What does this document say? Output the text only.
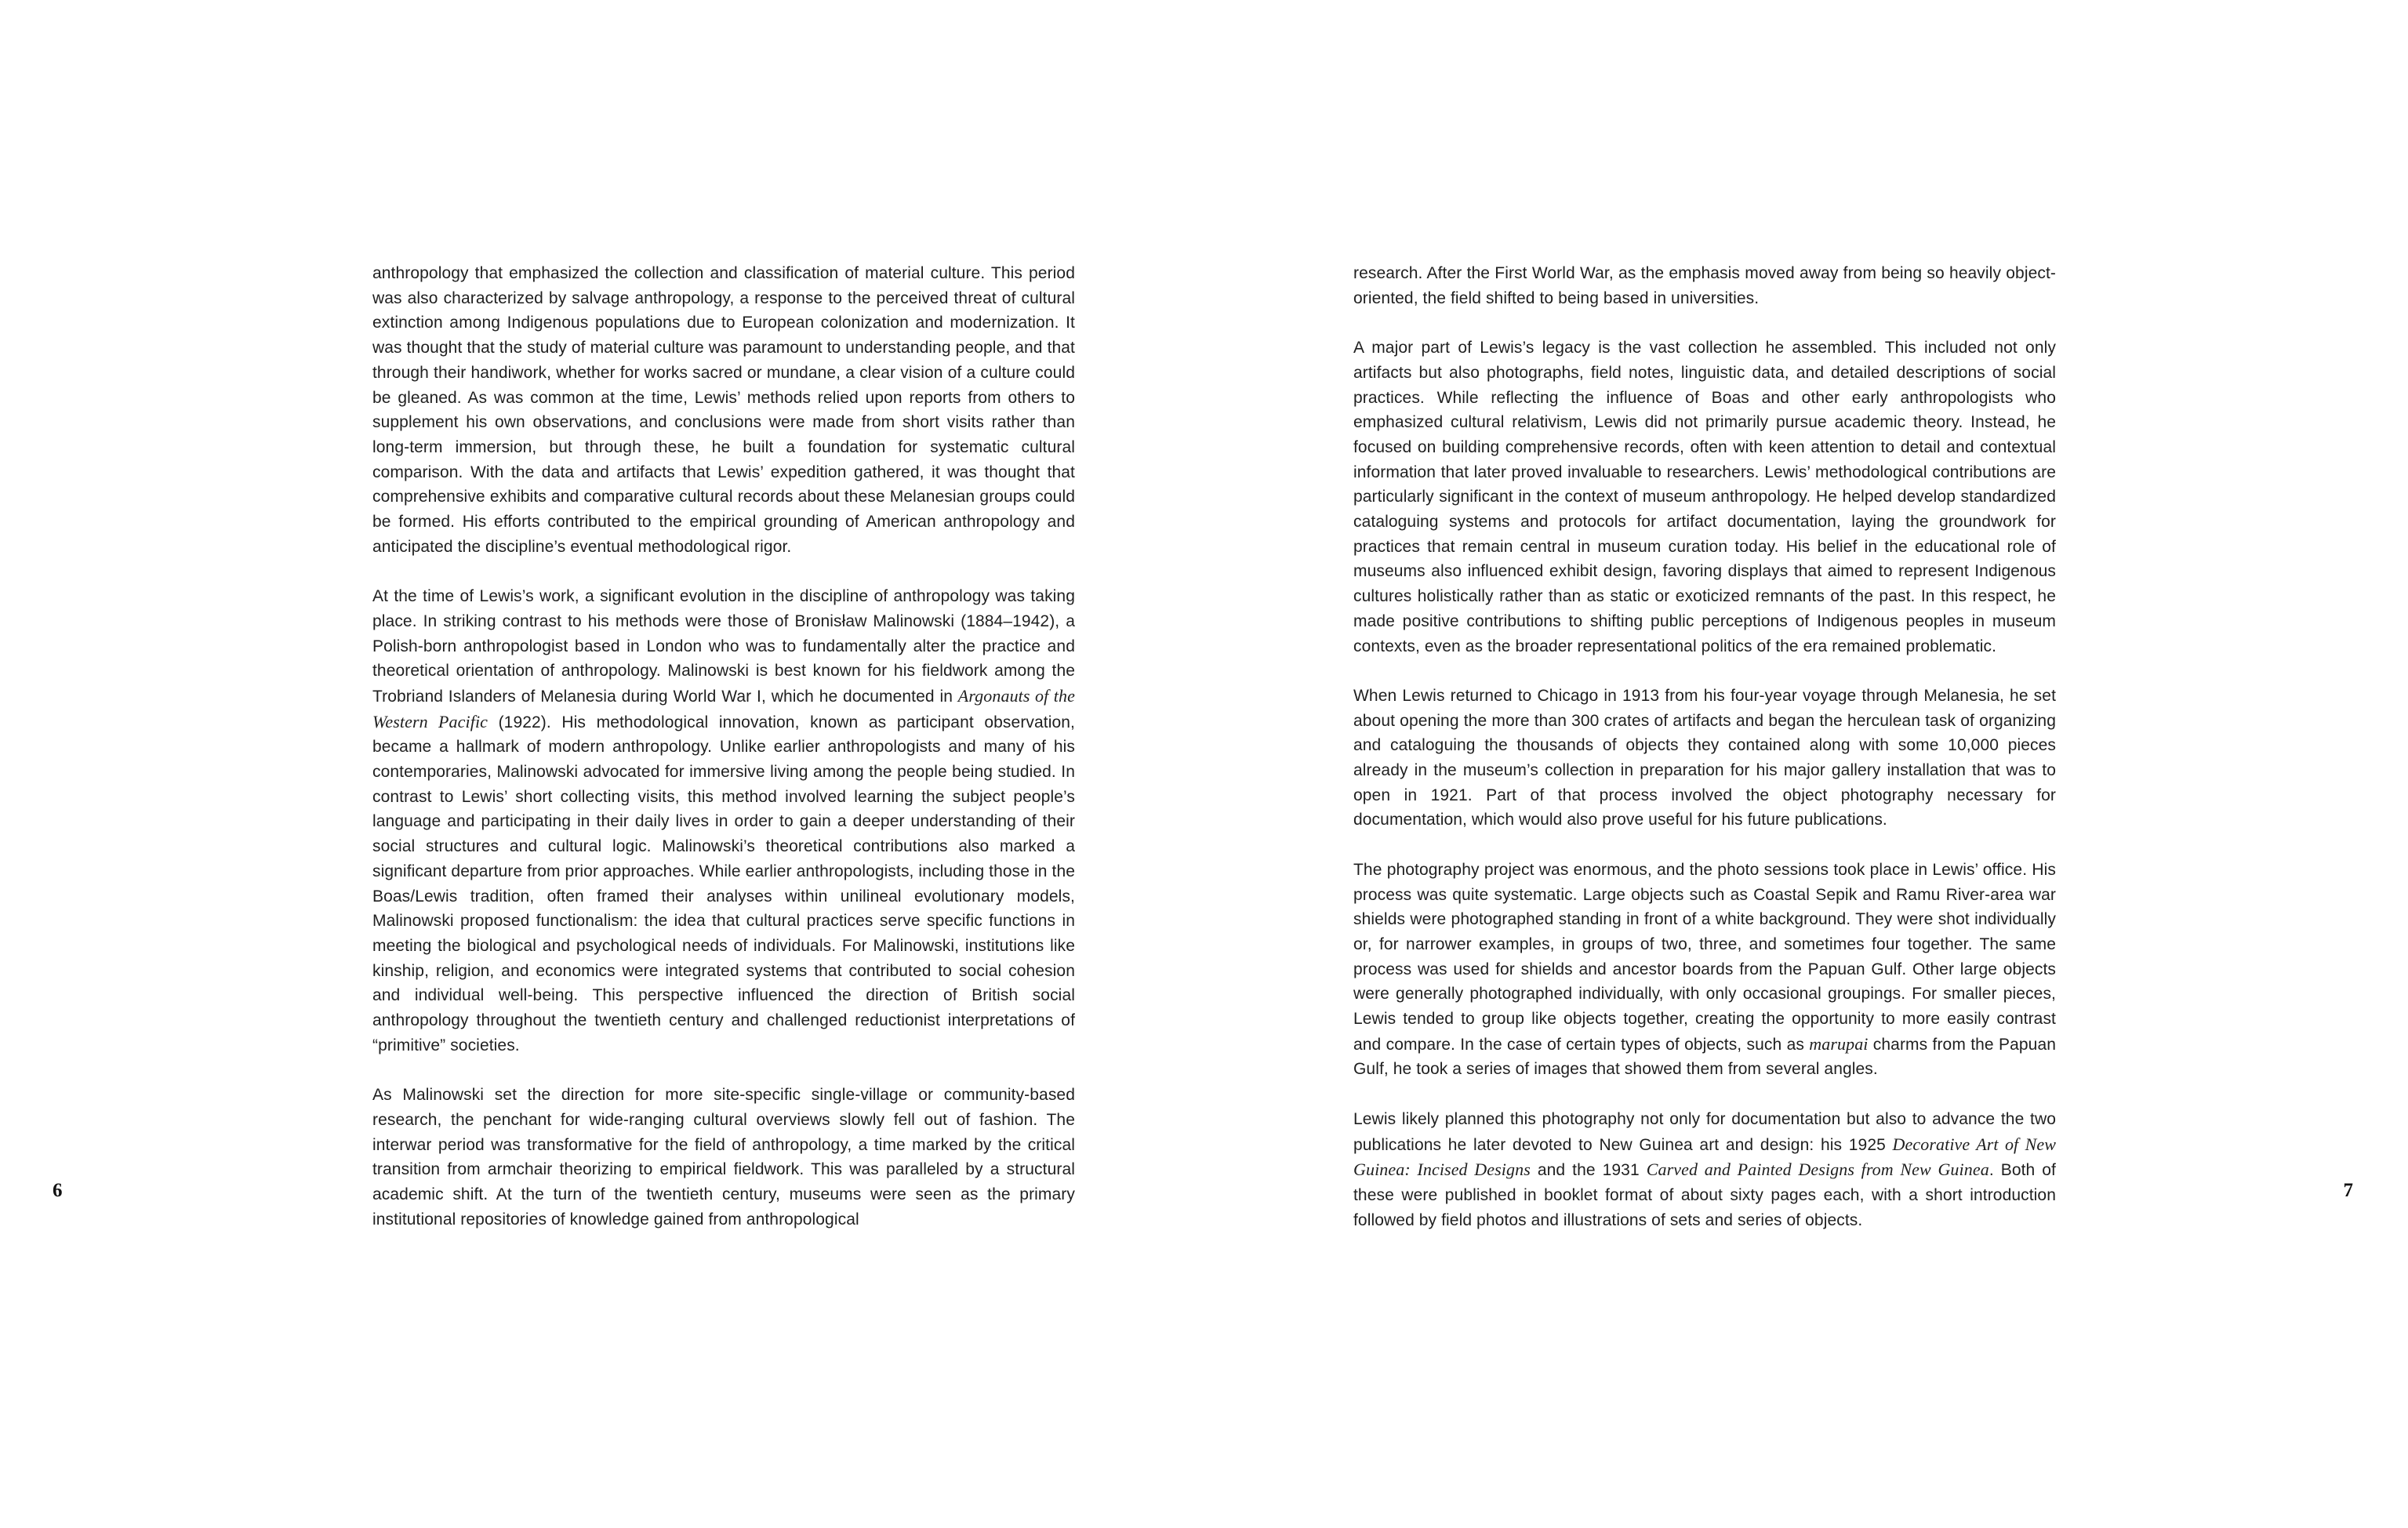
anthropology that emphasized the collection and classification of material culture. This period was also characterized by salvage anthropology, a response to the perceived threat of cultural extinction among Indigenous populations due to European colonization and modernization. It was thought that the study of material culture was paramount to understanding people, and that through their handiwork, whether for works sacred or mundane, a clear vision of a culture could be gleaned. As was common at the time, Lewis’ methods relied upon reports from others to supplement his own observations, and conclusions were made from short visits rather than long-term immersion, but through these, he built a foundation for systematic cultural comparison. With the data and artifacts that Lewis’ expedition gathered, it was thought that comprehensive exhibits and comparative cultural records about these Melanesian groups could be formed. His efforts contributed to the empirical grounding of American anthropology and anticipated the discipline’s eventual methodological rigor.

At the time of Lewis’s work, a significant evolution in the discipline of anthropology was taking place. In striking contrast to his methods were those of Bronisław Malinowski (1884–1942), a Polish-born anthropologist based in London who was to fundamentally alter the practice and theoretical orientation of anthropology. Malinowski is best known for his fieldwork among the Trobriand Islanders of Melanesia during World War I, which he documented in Argonauts of the Western Pacific (1922). His methodological innovation, known as participant observation, became a hallmark of modern anthropology. Unlike earlier anthropologists and many of his contemporaries, Malinowski advocated for immersive living among the people being studied. In contrast to Lewis’ short collecting visits, this method involved learning the subject people’s language and participating in their daily lives in order to gain a deeper understanding of their social structures and cultural logic. Malinowski’s theoretical contributions also marked a significant departure from prior approaches. While earlier anthropologists, including those in the Boas/Lewis tradition, often framed their analyses within unilineal evolutionary models, Malinowski proposed functionalism: the idea that cultural practices serve specific functions in meeting the biological and psychological needs of individuals. For Malinowski, institutions like kinship, religion, and economics were integrated systems that contributed to social cohesion and individual well-being. This perspective influenced the direction of British social anthropology throughout the twentieth century and challenged reductionist interpretations of “primitive” societies.

As Malinowski set the direction for more site-specific single-village or community-based research, the penchant for wide-ranging cultural overviews slowly fell out of fashion. The interwar period was transformative for the field of anthropology, a time marked by the critical transition from armchair theorizing to empirical fieldwork. This was paralleled by a structural academic shift. At the turn of the twentieth century, museums were seen as the primary institutional repositories of knowledge gained from anthropological

6

research. After the First World War, as the emphasis moved away from being so heavily object-oriented, the field shifted to being based in universities.

A major part of Lewis’s legacy is the vast collection he assembled. This included not only artifacts but also photographs, field notes, linguistic data, and detailed descriptions of social practices. While reflecting the influence of Boas and other early anthropologists who emphasized cultural relativism, Lewis did not primarily pursue academic theory. Instead, he focused on building comprehensive records, often with keen attention to detail and contextual information that later proved invaluable to researchers. Lewis’ methodological contributions are particularly significant in the context of museum anthropology. He helped develop standardized cataloguing systems and protocols for artifact documentation, laying the groundwork for practices that remain central in museum curation today. His belief in the educational role of museums also influenced exhibit design, favoring displays that aimed to represent Indigenous cultures holistically rather than as static or exoticized remnants of the past. In this respect, he made positive contributions to shifting public perceptions of Indigenous peoples in museum contexts, even as the broader representational politics of the era remained problematic.

When Lewis returned to Chicago in 1913 from his four-year voyage through Melanesia, he set about opening the more than 300 crates of artifacts and began the herculean task of organizing and cataloguing the thousands of objects they contained along with some 10,000 pieces already in the museum’s collection in preparation for his major gallery installation that was to open in 1921. Part of that process involved the object photography necessary for documentation, which would also prove useful for his future publications.

The photography project was enormous, and the photo sessions took place in Lewis’ office. His process was quite systematic. Large objects such as Coastal Sepik and Ramu River-area war shields were photographed standing in front of a white background. They were shot individually or, for narrower examples, in groups of two, three, and sometimes four together. The same process was used for shields and ancestor boards from the Papuan Gulf. Other large objects were generally photographed individually, with only occasional groupings. For smaller pieces, Lewis tended to group like objects together, creating the opportunity to more easily contrast and compare. In the case of certain types of objects, such as marupai charms from the Papuan Gulf, he took a series of images that showed them from several angles.

Lewis likely planned this photography not only for documentation but also to advance the two publications he later devoted to New Guinea art and design: his 1925 Decorative Art of New Guinea: Incised Designs and the 1931 Carved and Painted Designs from New Guinea. Both of these were published in booklet format of about sixty pages each, with a short introduction followed by field photos and illustrations of sets and series of objects.

7
